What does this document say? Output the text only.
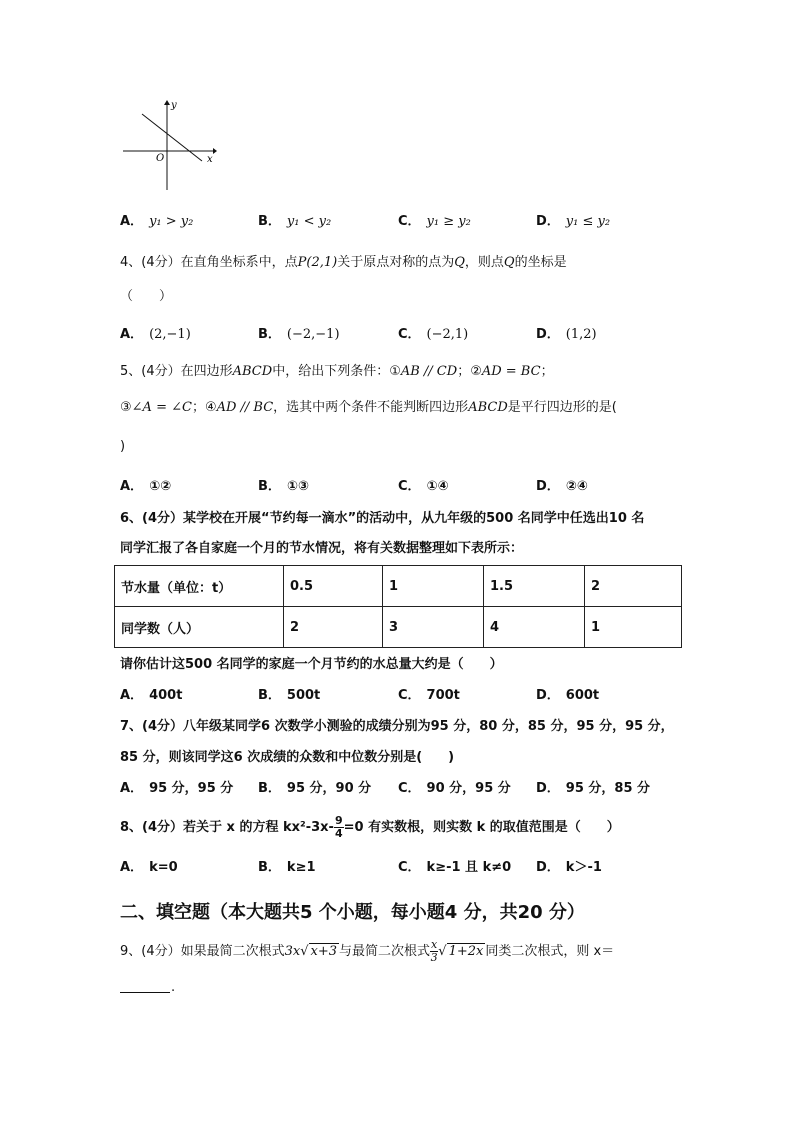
y
x
O
A． y₁ > y₂	B． y₁ < y₂	C． y₁ ≥ y₂	D． y₁ ≤ y₂
4、(4分）在直角坐标系中，点P(2,1)关于原点对称的点为Q，则点Q的坐标是
（　　）
A． (2,−1)	B． (−2,−1)	C． (−2,1)	D． (1,2)
5、(4分）在四边形ABCD中，给出下列条件：①AB // CD；②AD = BC；
③∠A = ∠C；④AD // BC，选其中两个条件不能判断四边形ABCD是平行四边形的是(
)
A． ①②	B． ①③	C． ①④	D． ②④
6、(4分）某学校在开展“节约每一滴水”的活动中，从九年级的500 名同学中任选出10 名
同学汇报了各自家庭一个月的节水情况，将有关数据整理如下表所示：
节水量（单位：t）	0.5	1	1.5	2
同学数（人）	2	3	4	1
请你估计这500 名同学的家庭一个月节约的水总量大约是（　　）
A． 400t	B． 500t	C． 700t	D． 600t
7、(4分）八年级某同学6 次数学小测验的成绩分别为95 分，80 分，85 分，95 分，95 分，
85 分，则该同学这6 次成绩的众数和中位数分别是(　　)
A． 95 分，95 分 B． 95 分，90 分 C． 90 分，95 分 D． 95 分，85 分
8、(4分）若关于 x 的方程 $kx^2-3x- \frac{9}{4} =0$ 有实数根，则实数 k 的取值范围是（　　）
A． k=0	B． k≥1	C． k≥-1 且 k≠0 D． k＞-1
二、填空题（本大题共5 个小题，每小题4 分，共20 分）
9、(4分）如果最简二次根式3x√ x+3 与最简二次根式 $\frac{x}{3}$ √ 1+2x 同类二次根式，则 x＝
.
